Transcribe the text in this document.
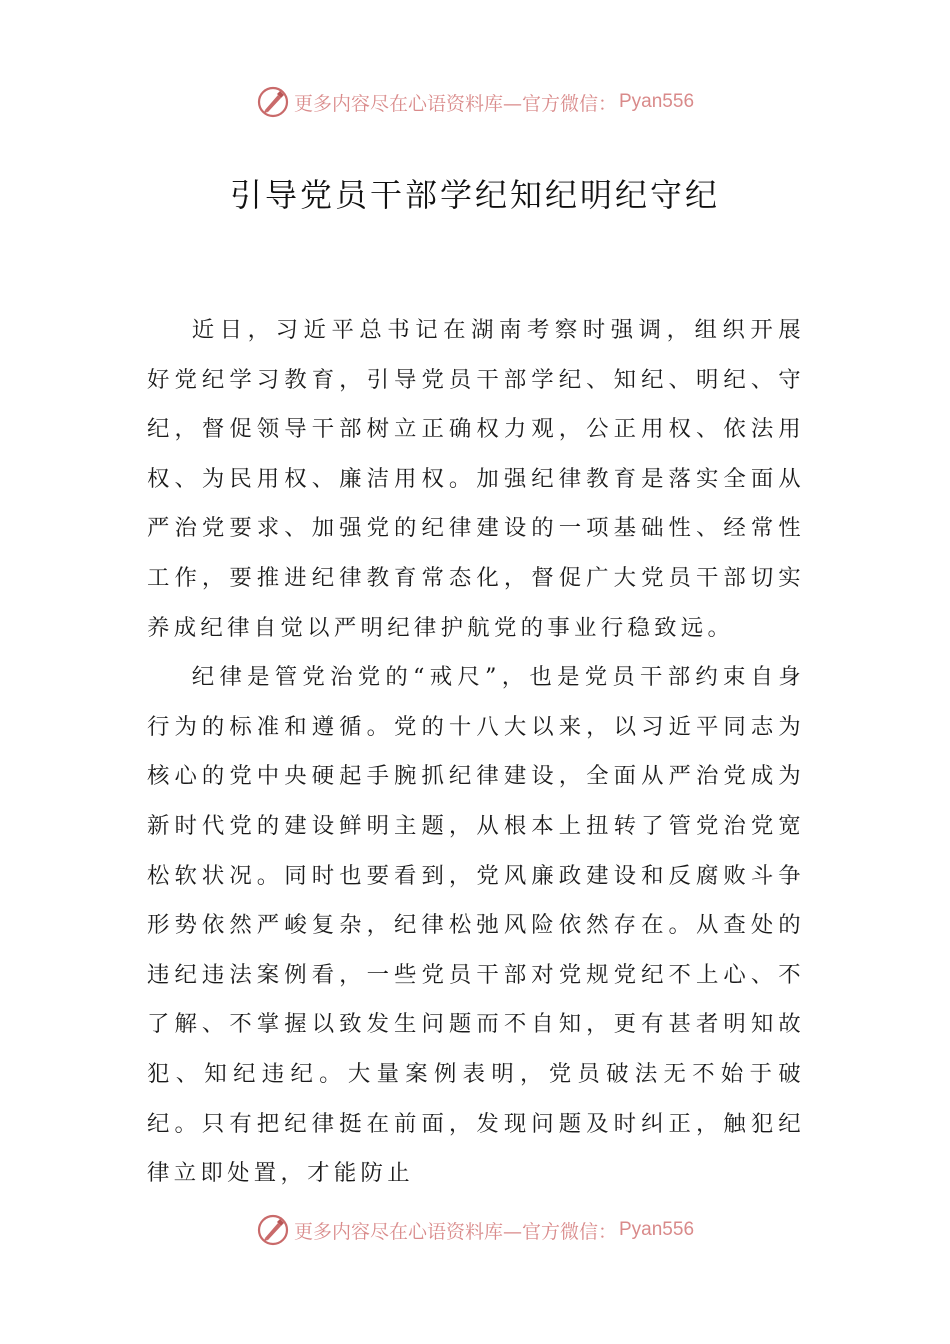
更多内容尽在心语资料库—官方微信： Pyan556
引导党员干部学纪知纪明纪守纪

近日，习近平总书记在湖南考察时强调，组织开展好党纪学习教育，引导党员干部学纪、知纪、明纪、守纪，督促领导干部树立正确权力观，公正用权、依法用权、为民用权、廉洁用权。加强纪律教育是落实全面从严治党要求、加强党的纪律建设的一项基础性、经常性工作，要推进纪律教育常态化，督促广大党员干部切实养成纪律自觉以严明纪律护航党的事业行稳致远。

纪律是管党治党的“戒尺”，也是党员干部约束自身行为的标准和遵循。党的十八大以来，以习近平同志为核心的党中央硬起手腕抓纪律建设，全面从严治党成为新时代党的建设鲜明主题，从根本上扭转了管党治党宽松软状况。同时也要看到，党风廉政建设和反腐败斗争形势依然严峻复杂，纪律松弛风险依然存在。从查处的违纪违法案例看，一些党员干部对党规党纪不上心、不了解、不掌握以致发生问题而不自知，更有甚者明知故犯、知纪违纪。大量案例表明，党员破法无不始于破纪。只有把纪律挺在前面，发现问题及时纠正，触犯纪律立即处置，才能防止

更多内容尽在心语资料库—官方微信： Pyan556
